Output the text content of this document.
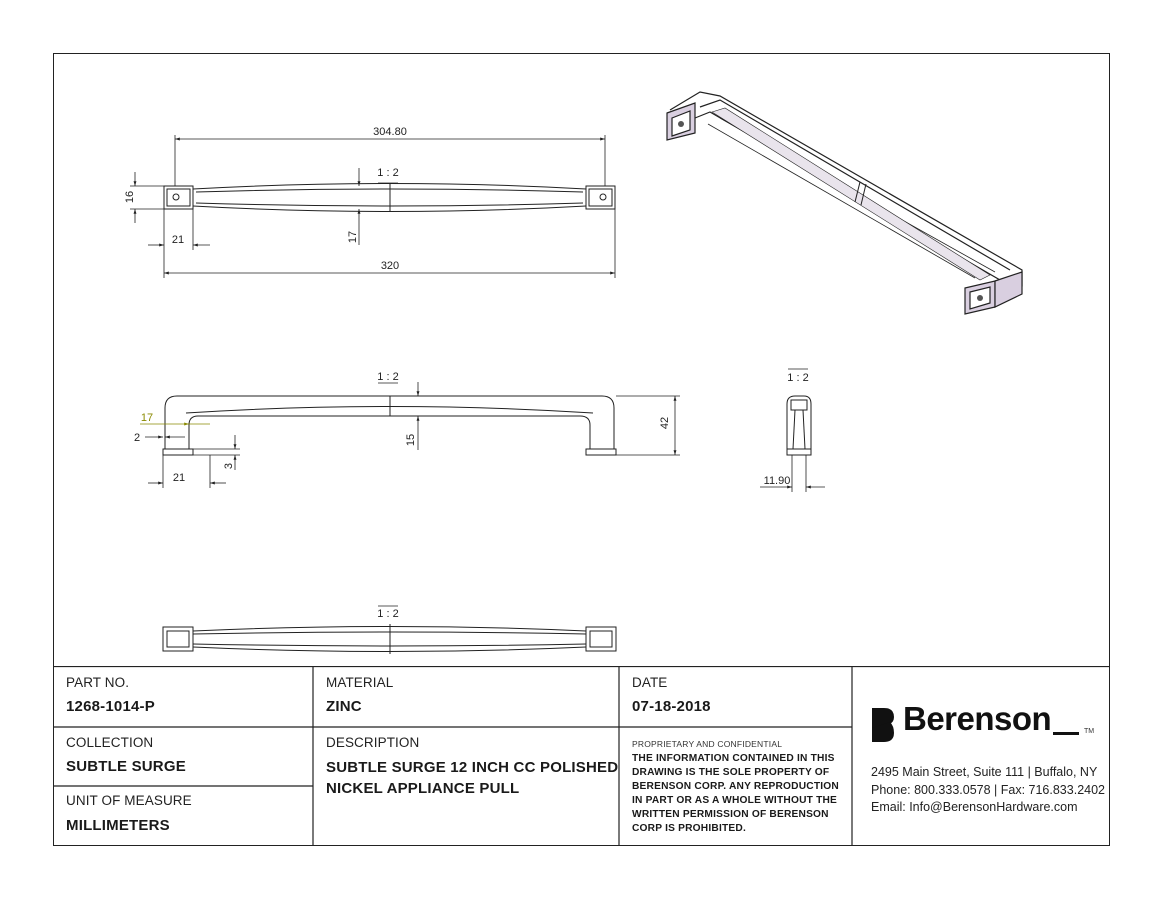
304.80
320
21
16
17
1 : 2
17
2
21
3
15
42
1 : 2
11.90
1 : 2
1 : 2
PART NO.
1268-1014-P
MATERIAL
ZINC
DATE
07-18-2018
COLLECTION
SUBTLE SURGE
DESCRIPTION
SUBTLE SURGE 12 INCH CC POLISHED NICKEL APPLIANCE PULL
UNIT OF MEASURE
MILLIMETERS
PROPRIETARY AND CONFIDENTIAL
THE INFORMATION CONTAINED IN THIS DRAWING IS THE SOLE PROPERTY OF BERENSON CORP. ANY REPRODUCTION IN PART OR AS A WHOLE WITHOUT THE WRITTEN PERMISSION OF BERENSON CORP IS PROHIBITED.
Berenson	TM
2495 Main Street, Suite 111 | Buffalo, NY
Phone: 800.333.0578 | Fax: 716.833.2402
Email: Info@BerensonHardware.com
